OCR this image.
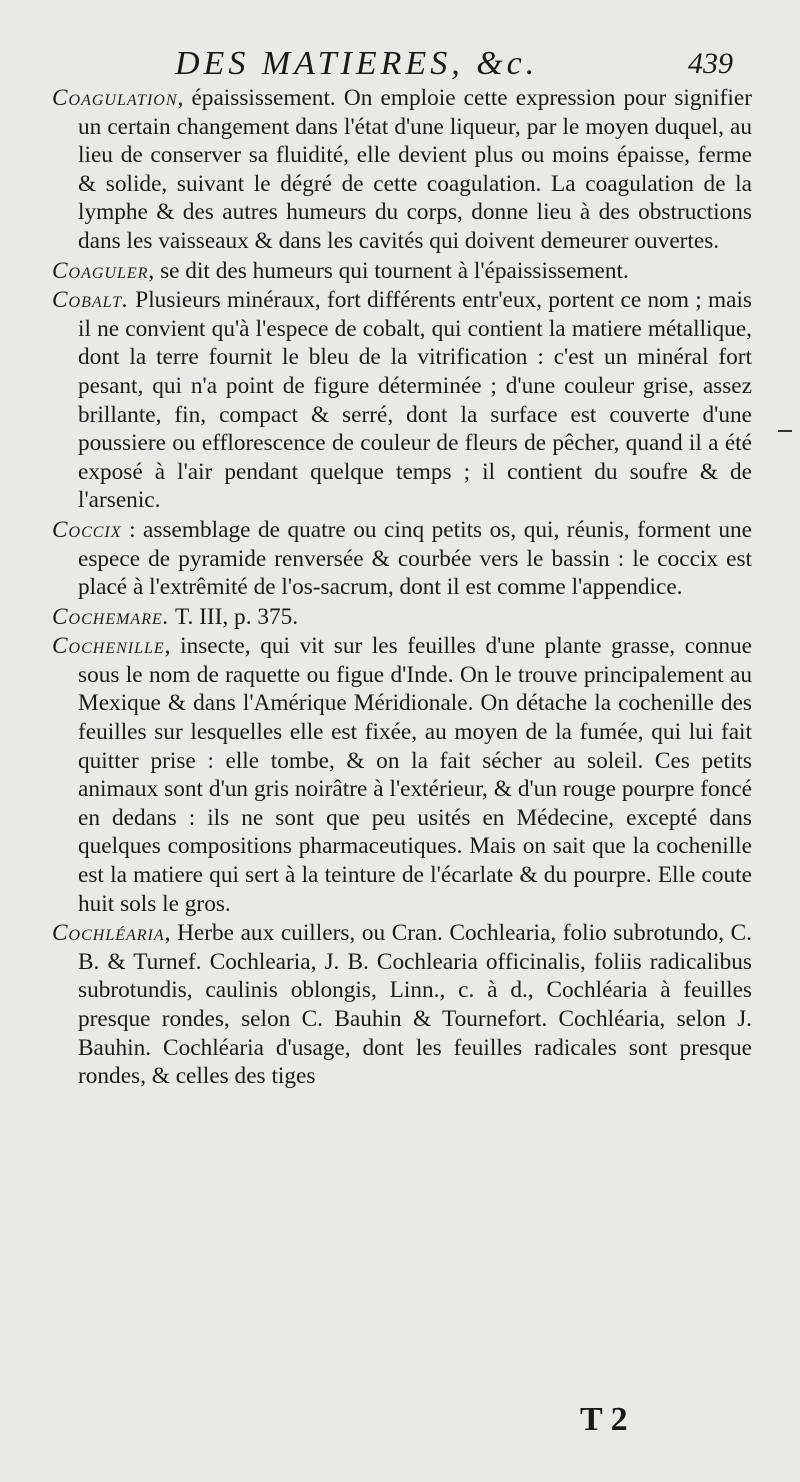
DES MATIERES, &c.	439

Coagulation, épaississement. On emploie cette expression pour signifier un certain changement dans l'état d'une liqueur, par le moyen duquel, au lieu de conserver sa fluidité, elle devient plus ou moins épaisse, ferme & solide, suivant le dégré de cette coagulation. La coagulation de la lymphe & des autres humeurs du corps, donne lieu à des obstructions dans les vaisseaux & dans les cavités qui doivent demeurer ouvertes.

Coaguler, se dit des humeurs qui tournent à l'épaississement.

Cobalt. Plusieurs minéraux, fort différents entr'eux, portent ce nom ; mais il ne convient qu'à l'espece de cobalt, qui contient la matiere métallique, dont la terre fournit le bleu de la vitrification : c'est un minéral fort pesant, qui n'a point de figure déterminée ; d'une couleur grise, assez brillante, fin, compact & serré, dont la surface est couverte d'une poussiere ou efflorescence de couleur de fleurs de pêcher, quand il a été exposé à l'air pendant quelque temps ; il contient du soufre & de l'arsenic.

Coccix : assemblage de quatre ou cinq petits os, qui, réunis, forment une espece de pyramide renversée & courbée vers le bassin : le coccix est placé à l'extrêmité de l'os-sacrum, dont il est comme l'appendice.

Cochemare. T. III, p. 375.

Cochenille, insecte, qui vit sur les feuilles d'une plante grasse, connue sous le nom de raquette ou figue d'Inde. On le trouve principalement au Mexique & dans l'Amérique Méridionale. On détache la cochenille des feuilles sur lesquelles elle est fixée, au moyen de la fumée, qui lui fait quitter prise : elle tombe, & on la fait sécher au soleil. Ces petits animaux sont d'un gris noirâtre à l'extérieur, & d'un rouge pourpre foncé en dedans : ils ne sont que peu usités en Médecine, excepté dans quelques compositions pharmaceutiques. Mais on sait que la cochenille est la matiere qui sert à la teinture de l'écarlate & du pourpre. Elle coute huit sols le gros.

Cochléaria, Herbe aux cuillers, ou Cran. Cochlearia, folio subrotundo, C. B. & Turnef. Cochlearia, J. B. Cochlearia officinalis, foliis radicalibus subrotundis, caulinis oblongis, Linn., c. à d., Cochléaria à feuilles presque rondes, selon C. Bauhin & Tournefort. Cochléaria, selon J. Bauhin. Cochléaria d'usage, dont les feuilles radicales sont presque rondes, & celles des tiges

T 2
